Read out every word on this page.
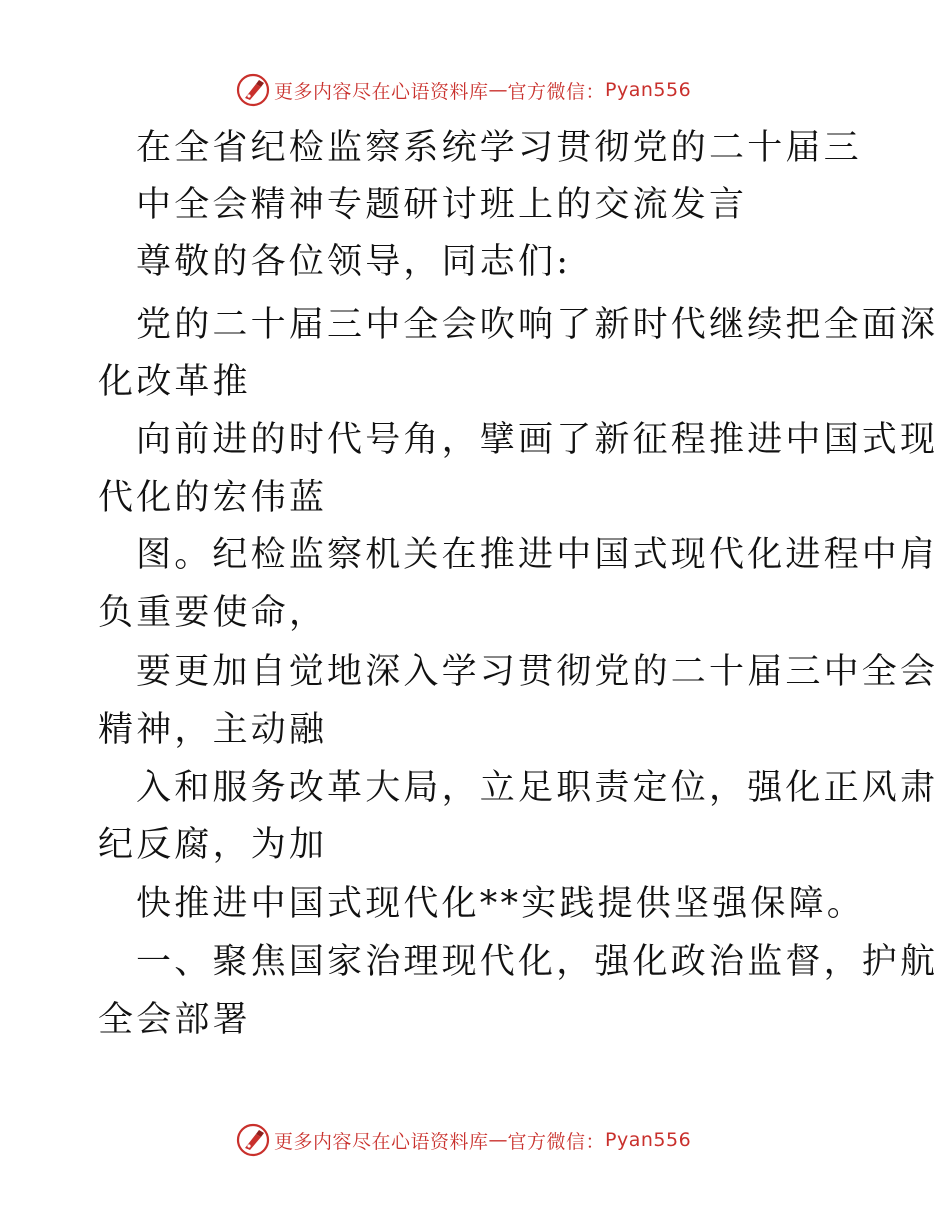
更多内容尽在心语资料库 — 官方微信： Pyan556
在全省纪检监察系统学习贯彻党的二十届三
中全会精神专题研讨班上的交流发言
尊敬的各位领导，同志们:
党的二十届三中全会吹响了新时代继续把全面深
化改革推
向前进的时代号角，擘画了新征程推进中国式现
代化的宏伟蓝
图。纪检监察机关在推进中国式现代化进程中肩
负重要使命，
要更加自觉地深入学习贯彻党的二十届三中全会
精神，主动融
入和服务改革大局，立足职责定位，强化正风肃
纪反腐，为加
快推进中国式现代化**实践提供坚强保障。
一、聚焦国家治理现代化，强化政治监督，护航
全会部署
更多内容尽在心语资料库 — 官方微信： Pyan556
